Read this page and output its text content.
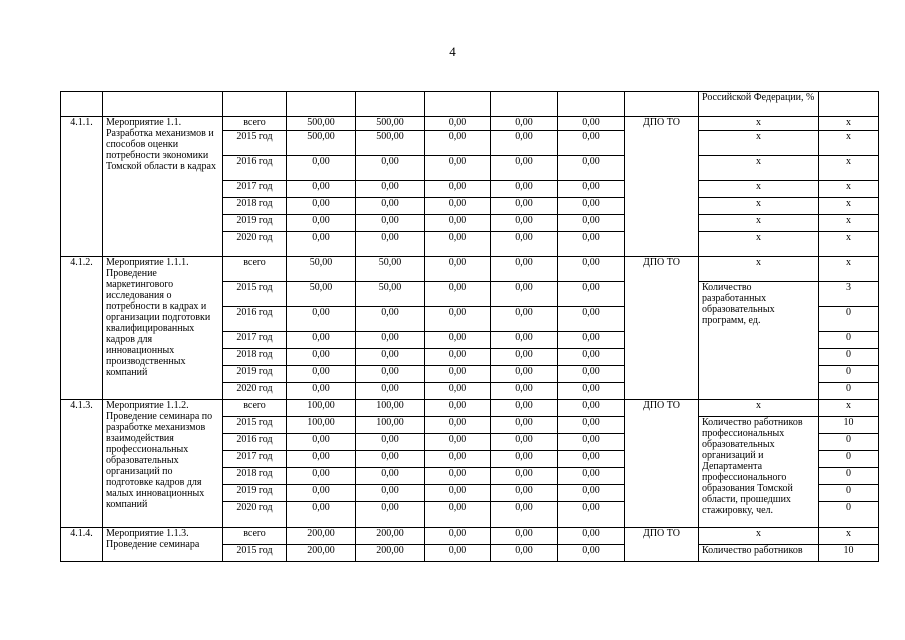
4
									Российской Федерации, %	
4.1.1.	Мероприятие 1.1. Разработка механизмов и способов оценки потребности экономики Томской области в кадрах	всего	500,00	500,00	0,00	0,00	0,00	ДПО ТО	х	х
		2015 год	500,00	500,00	0,00	0,00	0,00		х	х
		2016 год	0,00	0,00	0,00	0,00	0,00		х	х
		2017 год	0,00	0,00	0,00	0,00	0,00		х	х
		2018 год	0,00	0,00	0,00	0,00	0,00		х	х
		2019 год	0,00	0,00	0,00	0,00	0,00		х	х
		2020 год	0,00	0,00	0,00	0,00	0,00		х	х
4.1.2.	Мероприятие 1.1.1. Проведение маркетингового исследования о потребности в кадрах и организации подготовки квалифицированных кадров для инновационных производственных компаний	всего	50,00	50,00	0,00	0,00	0,00	ДПО ТО	х	х
		2015 год	50,00	50,00	0,00	0,00	0,00		Количество разработанных образовательных программ, ед.	3
		2016 год	0,00	0,00	0,00	0,00	0,00			0
		2017 год	0,00	0,00	0,00	0,00	0,00			0
		2018 год	0,00	0,00	0,00	0,00	0,00			0
		2019 год	0,00	0,00	0,00	0,00	0,00			0
		2020 год	0,00	0,00	0,00	0,00	0,00			0
4.1.3.	Мероприятие 1.1.2. Проведение семинара по разработке механизмов взаимодействия профессиональных образовательных организаций по подготовке кадров для малых инновационных компаний	всего	100,00	100,00	0,00	0,00	0,00	ДПО ТО	х	х
		2015 год	100,00	100,00	0,00	0,00	0,00		Количество работников профессиональных образовательных организаций и Департамента профессионального образования Томской области, прошедших стажировку, чел.	10
		2016 год	0,00	0,00	0,00	0,00	0,00			0
		2017 год	0,00	0,00	0,00	0,00	0,00			0
		2018 год	0,00	0,00	0,00	0,00	0,00			0
		2019 год	0,00	0,00	0,00	0,00	0,00			0
		2020 год	0,00	0,00	0,00	0,00	0,00			0
4.1.4.	Мероприятие 1.1.3. Проведение семинара	всего	200,00	200,00	0,00	0,00	0,00	ДПО ТО	х	х
		2015 год	200,00	200,00	0,00	0,00	0,00		Количество работников	10
